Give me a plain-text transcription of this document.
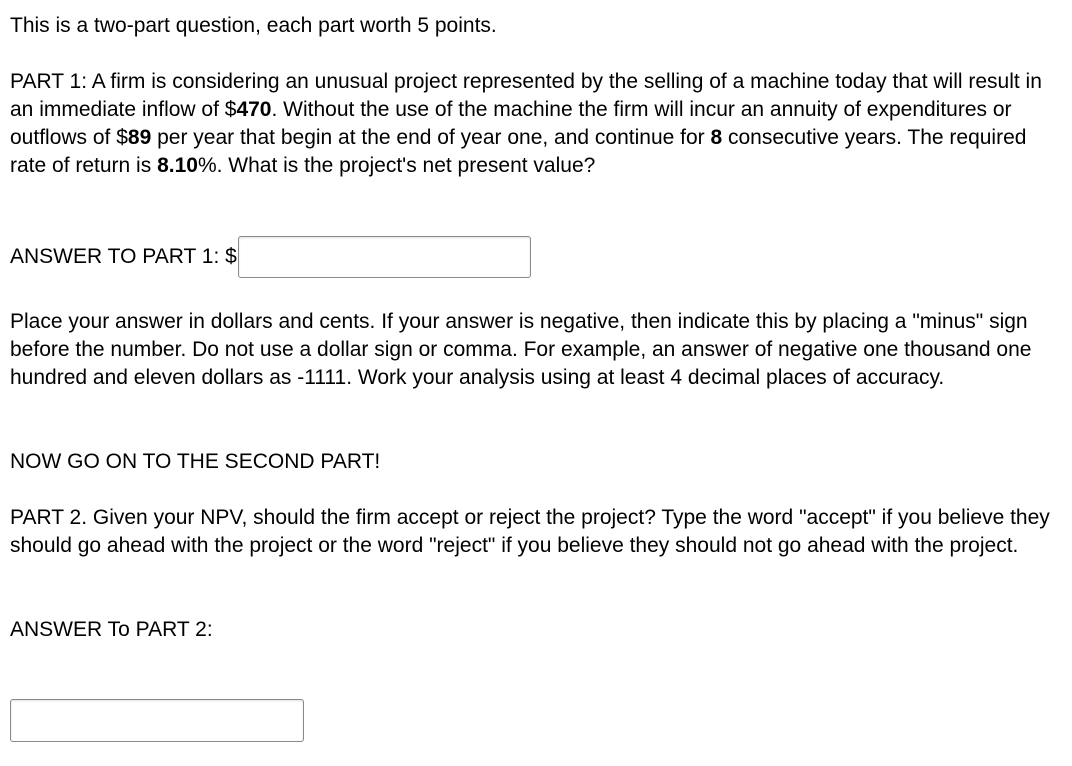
This is a two-part question, each part worth 5 points.

PART 1: A firm is considering an unusual project represented by the selling of a machine today that will result in an immediate inflow of $470. Without the use of the machine the firm will incur an annuity of expenditures or outflows of $89 per year that begin at the end of year one, and continue for 8 consecutive years. The required rate of return is 8.10%. What is the project's net present value?

ANSWER TO PART 1: $

Place your answer in dollars and cents. If your answer is negative, then indicate this by placing a "minus" sign before the number. Do not use a dollar sign or comma. For example, an answer of negative one thousand one hundred and eleven dollars as -1111. Work your analysis using at least 4 decimal places of accuracy.

NOW GO ON TO THE SECOND PART!

PART 2. Given your NPV, should the firm accept or reject the project? Type the word "accept" if you believe they should go ahead with the project or the word "reject" if you believe they should not go ahead with the project.

ANSWER To PART 2:
